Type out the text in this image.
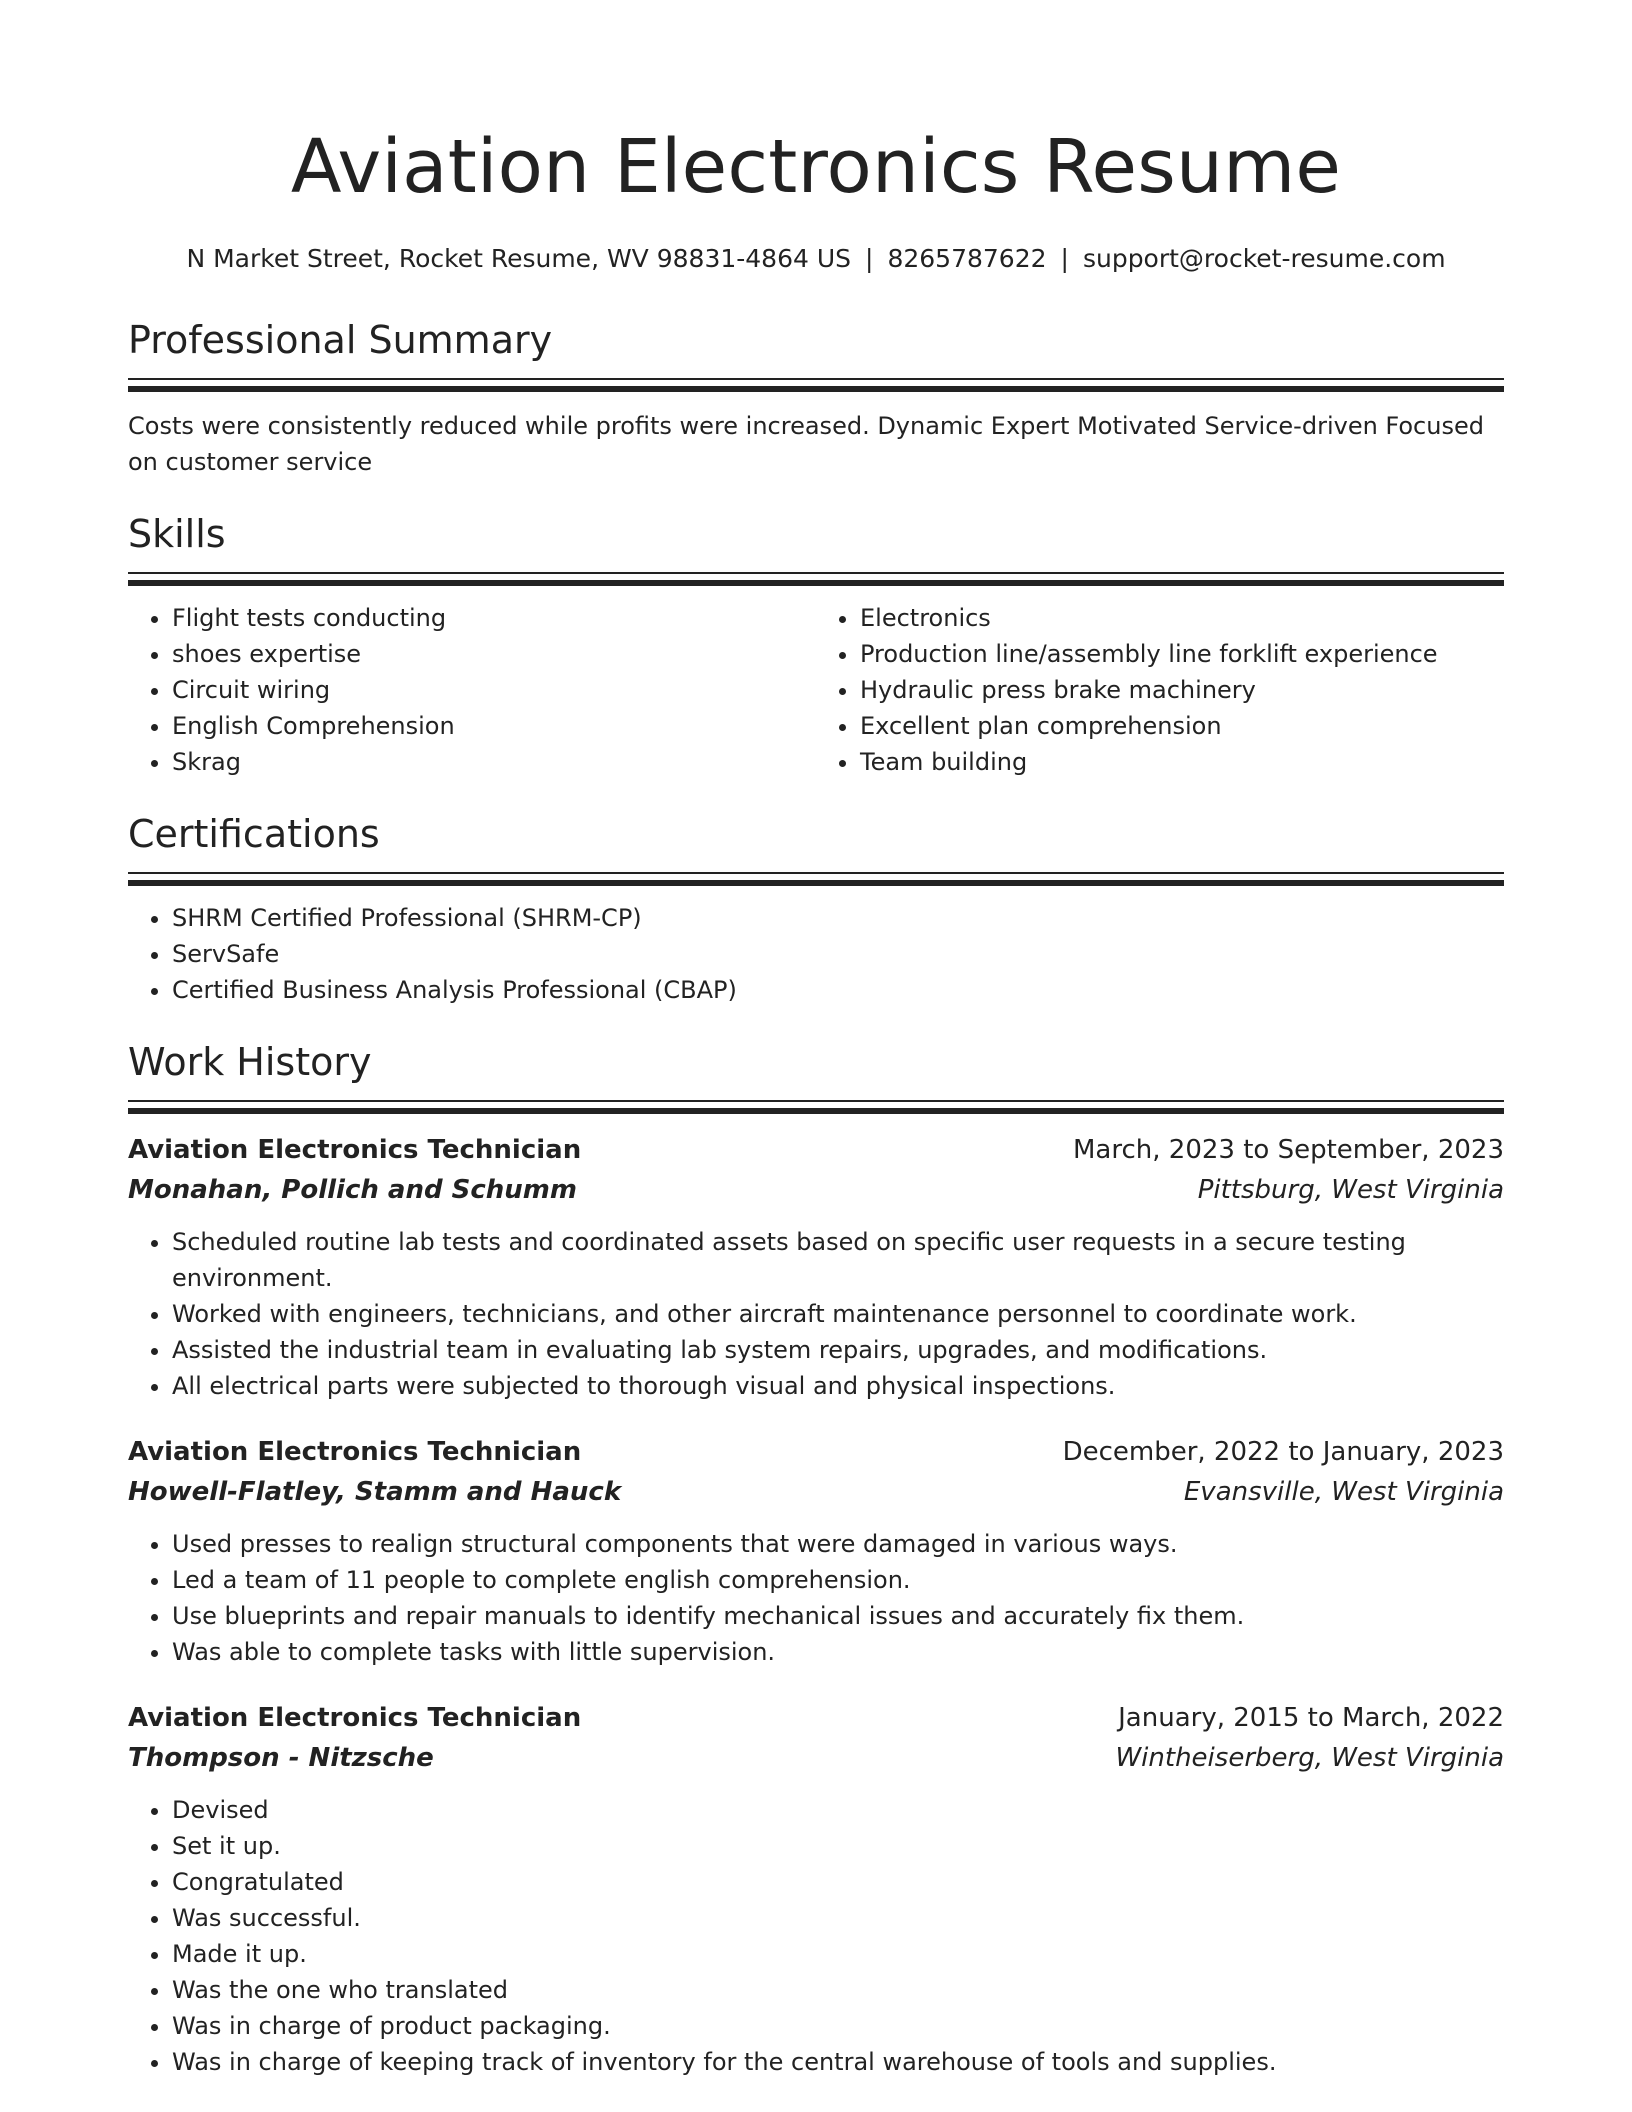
Aviation Electronics Resume
N Market Street, Rocket Resume, WV 98831-4864 US | 8265787622 | support@rocket-resume.com
Professional Summary

Costs were consistently reduced while profits were increased. Dynamic Expert Motivated Service-driven Focused on customer service

Skills
• Flight tests conducting
• shoes expertise
• Circuit wiring
• English Comprehension
• Skrag
• Electronics
• Production line/assembly line forklift experience
• Hydraulic press brake machinery
• Excellent plan comprehension
• Team building
Certifications
• SHRM Certified Professional (SHRM-CP)
• ServSafe
• Certified Business Analysis Professional (CBAP)
Work History
Aviation Electronics Technician	March, 2023 to September, 2023
Monahan, Pollich and Schumm	Pittsburg, West Virginia
• Scheduled routine lab tests and coordinated assets based on specific user requests in a secure testing environment.
• Worked with engineers, technicians, and other aircraft maintenance personnel to coordinate work.
• Assisted the industrial team in evaluating lab system repairs, upgrades, and modifications.
• All electrical parts were subjected to thorough visual and physical inspections.
Aviation Electronics Technician	December, 2022 to January, 2023
Howell-Flatley, Stamm and Hauck	Evansville, West Virginia
• Used presses to realign structural components that were damaged in various ways.
• Led a team of 11 people to complete english comprehension.
• Use blueprints and repair manuals to identify mechanical issues and accurately fix them.
• Was able to complete tasks with little supervision.
Aviation Electronics Technician	January, 2015 to March, 2022
Thompson - Nitzsche	Wintheiserberg, West Virginia
• Devised
• Set it up.
• Congratulated
• Was successful.
• Made it up.
• Was the one who translated
• Was in charge of product packaging.
• Was in charge of keeping track of inventory for the central warehouse of tools and supplies.
